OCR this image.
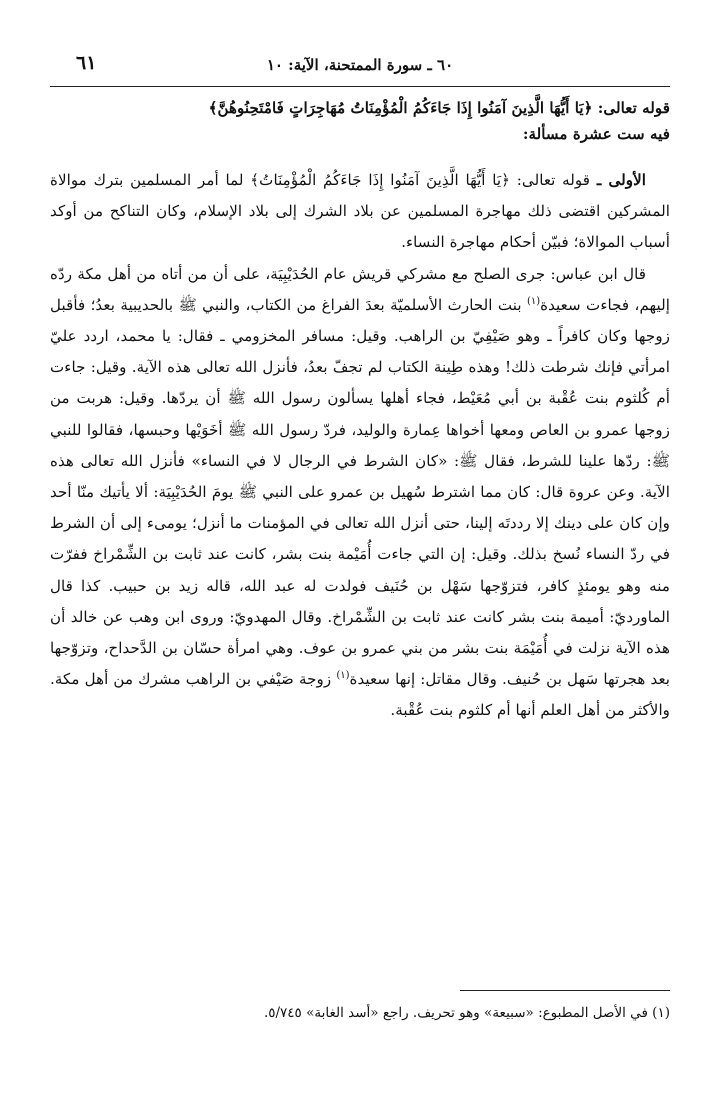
٦٠ ـ سورة الممتحنة، الآية: ١٠
٦١

قوله تعالى: ﴿يَا أَيُّهَا الَّذِينَ آمَنُوا إِذَا جَاءَكُمُ الْمُؤْمِنَاتُ مُهَاجِرَاتٍ فَامْتَحِنُوهُنَّ﴾

فيه ست عشرة مسألة:

الأولى ـ قوله تعالى: ﴿يَا أَيُّهَا الَّذِينَ آمَنُوا إِذَا جَاءَكُمُ الْمُؤْمِنَاتُ﴾ لما أمر المسلمين بترك موالاة المشركين اقتضى ذلك مهاجرة المسلمين عن بلاد الشرك إلى بلاد الإسلام، وكان التناكح من أوكد أسباب الموالاة؛ فبيّن أحكام مهاجرة النساء.

قال ابن عباس: جرى الصلح مع مشركي قريش عام الحُدَيْبِيَة، على أن من أتاه من أهل مكة ردّه إليهم، فجاءت سعيدة$^{(١)}$ بنت الحارث الأسلميّة بعدَ الفراغ من الكتاب، والنبي ﷺ بالحديبية بعدُ؛ فأقبل زوجها وكان كافراً ـ وهو صَيْفِيّ بن الراهب. وقيل: مسافر المخزومي ـ فقال: يا محمد، اردد عليّ امرأتي فإنك شرطت ذلك! وهذه طِينة الكتاب لم تجفّ بعدُ، فأنزل الله تعالى هذه الآية. وقيل: جاءت أم كُلثوم بنت عُقْبة بن أبي مُعَيْط، فجاء أهلها يسألون رسول الله ﷺ أن يردّها. وقيل: هربت من زوجها عمرو بن العاص ومعها أخواها عِمارة والوليد، فردّ رسول الله ﷺ أخَوَيْها وحبسها، فقالوا للنبي ﷺ: ردّها علينا للشرط، فقال ﷺ: «كان الشرط في الرجال لا في النساء» فأنزل الله تعالى هذه الآية. وعن عروة قال: كان مما اشترط سُهيل بن عمرو على النبي ﷺ يومَ الحُدَيْبِيَة: ألا يأتيك منّا أحد وإن كان على دينك إلا رددتَه إلينا، حتى أنزل الله تعالى في المؤمنات ما أنزل؛ يومىء إلى أن الشرط في ردّ النساء نُسخ بذلك. وقيل: إن التي جاءت أُمَيْمة بنت بشر، كانت عند ثابت بن الشِّمْراخ ففرّت منه وهو يومئذٍ كافر، فتزوّجها سَهْل بن حُنَيف فولدت له عبد الله، قاله زيد بن حبيب. كذا قال الماورديّ: أميمة بنت بشر كانت عند ثابت بن الشِّمْراخ. وقال المهدويّ: وروى ابن وهب عن خالد أن هذه الآية نزلت في أُمَيْمَة بنت بشر من بني عمرو بن عوف. وهي امرأة حسّان بن الدَّحداح، وتزوّجها بعد هجرتها سَهل بن حُنيف. وقال مقاتل: إنها سعيدة$^{(١)}$ زوجة صَيْفي بن الراهب مشرك من أهل مكة. والأكثر من أهل العلم أنها أم كلثوم بنت عُقْبة.

(١) في الأصل المطبوع: «سبيعة» وهو تحريف. راجع «أسد الغابة» ٥/٧٤٥.
